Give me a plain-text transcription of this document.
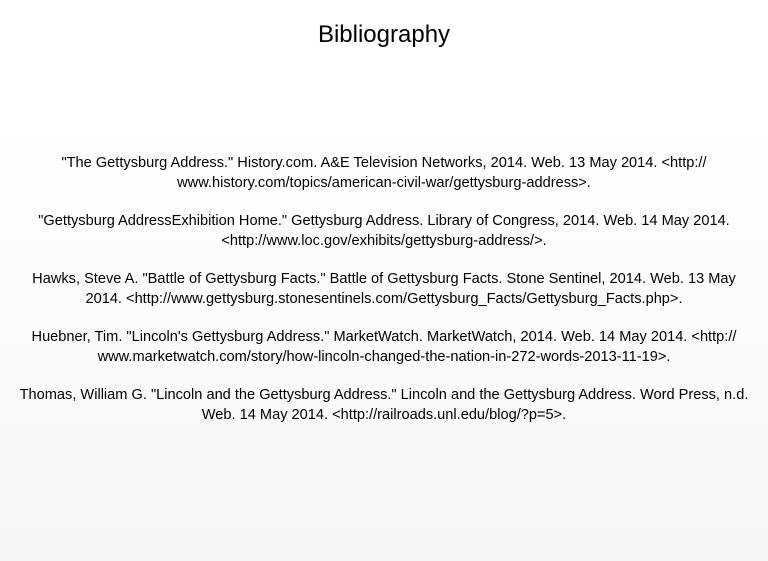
Bibliography

"The Gettysburg Address." History.com. A&E Television Networks, 2014. Web. 13 May 2014. <http:// www.history.com/topics/american-civil-war/gettysburg-address>.

"Gettysburg AddressExhibition Home." Gettysburg Address. Library of Congress, 2014. Web. 14 May 2014. <http://www.loc.gov/exhibits/gettysburg-address/>.

Hawks, Steve A. "Battle of Gettysburg Facts." Battle of Gettysburg Facts. Stone Sentinel, 2014. Web. 13 May 2014. <http://www.gettysburg.stonesentinels.com/Gettysburg_Facts/Gettysburg_Facts.php>.

Huebner, Tim. "Lincoln's Gettysburg Address." MarketWatch. MarketWatch, 2014. Web. 14 May 2014. <http:// www.marketwatch.com/story/how-lincoln-changed-the-nation-in-272-words-2013-11-19>.

Thomas, William G. "Lincoln and the Gettysburg Address." Lincoln and the Gettysburg Address. Word Press, n.d. Web. 14 May 2014. <http://railroads.unl.edu/blog/?p=5>.
